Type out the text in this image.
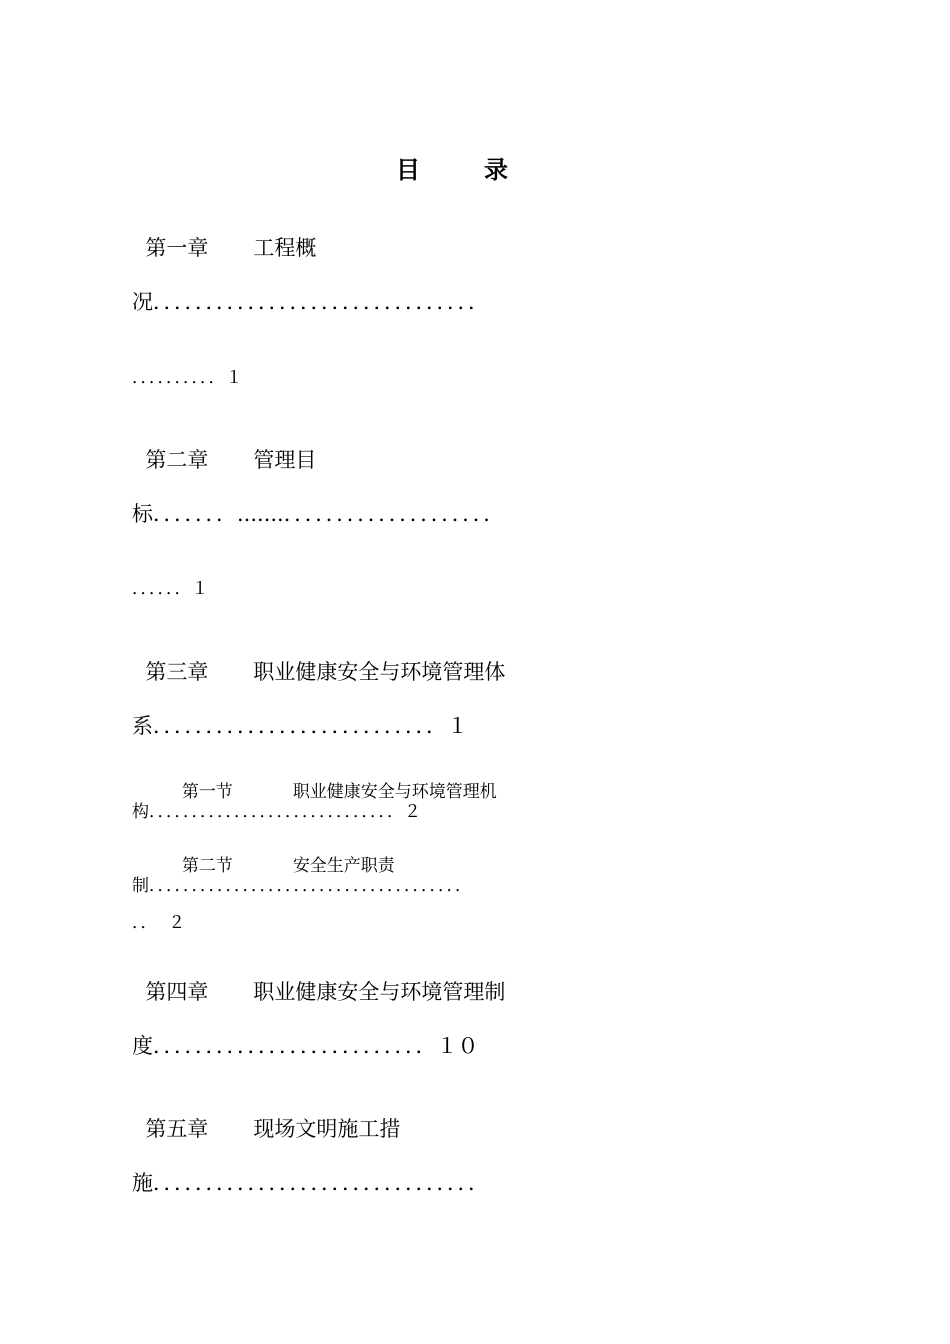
目

	录

第一章 工程概

况．．．．．．．．．．．．．．．．．．．．．．．．．．．．．．．
．．．．．．．．．．１

第二章 管理目

标．．．．．．．.......．．．．．．．．．．．．．．．．．．．．
．．．．．．１

第三章 职业健康安全与环境管理体

系．．．．．．．．．．．．．．．．．．．．．．．．．．．１

第一节	职业健康安全与环境管理机

构．．．．．．．．．．．．．．．．．．．．．．．．．．．．．２

第二节	安全生产职责

制．．．．．．．．．．．．．．．．．．．．．．．．．．．．．．．．．．．．．
．．  ２

第四章 职业健康安全与环境管理制

度．．．．．．．．．．．．．．．．．．．．．．．．．．１０

第五章 现场文明施工措

施．．．．．．．．．．．．．．．．．．．．．．．．．．．．．．．
